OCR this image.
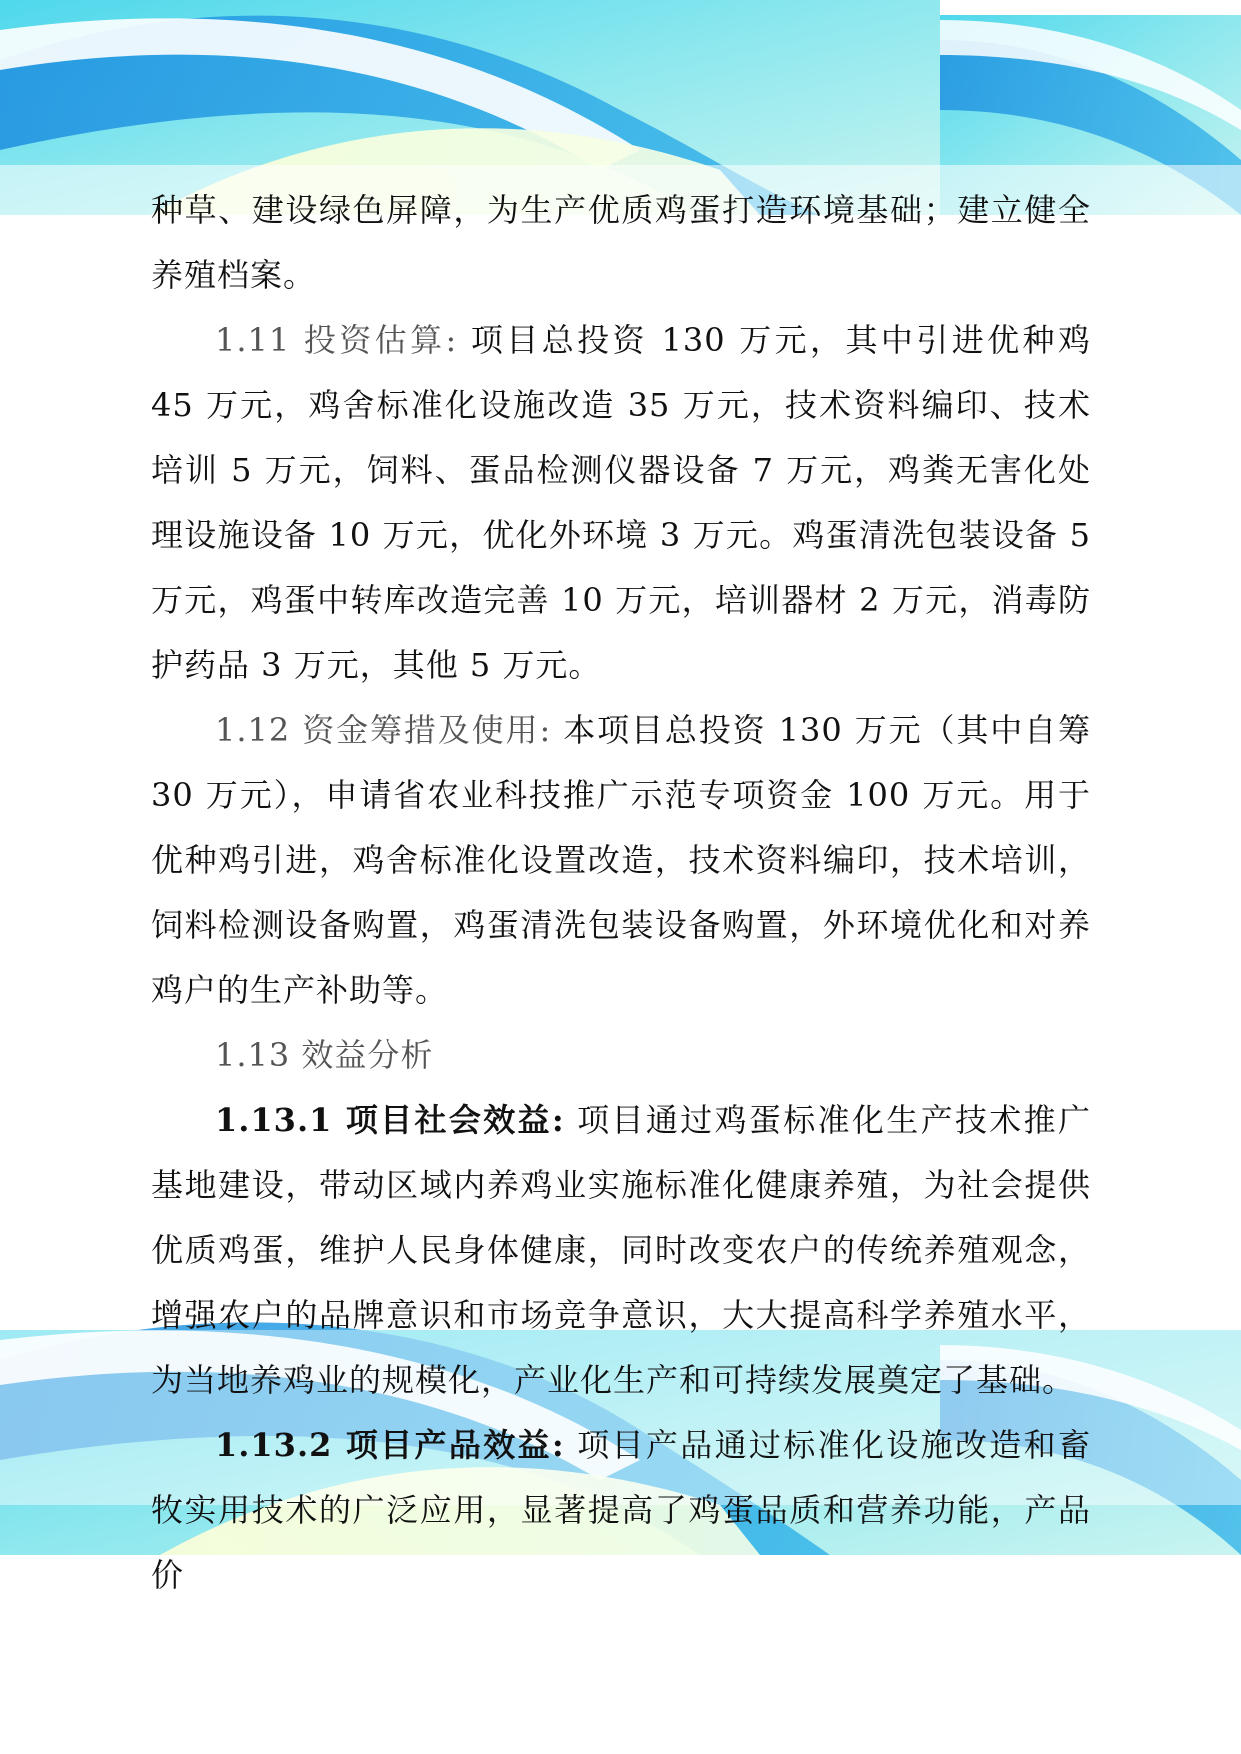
种草、建设绿色屏障，为生产优质鸡蛋打造环境基础；建立健全养殖档案。

1.11 投资估算: 项目总投资 130 万元，其中引进优种鸡 45 万元，鸡舍标准化设施改造 35 万元，技术资料编印、技术培训 5 万元，饲料、蛋品检测仪器设备 7 万元，鸡粪无害化处理设施设备 10 万元，优化外环境 3 万元。鸡蛋清洗包装设备 5 万元，鸡蛋中转库改造完善 10 万元，培训器材 2 万元，消毒防护药品 3 万元，其他 5 万元。

1.12 资金筹措及使用: 本项目总投资 130 万元（其中自筹 30 万元），申请省农业科技推广示范专项资金 100 万元。用于优种鸡引进，鸡舍标准化设置改造，技术资料编印，技术培训，饲料检测设备购置，鸡蛋清洗包装设备购置，外环境优化和对养鸡户的生产补助等。

1.13 效益分析

1.13.1 项目社会效益: 项目通过鸡蛋标准化生产技术推广基地建设，带动区域内养鸡业实施标准化健康养殖，为社会提供优质鸡蛋，维护人民身体健康，同时改变农户的传统养殖观念，增强农户的品牌意识和市场竞争意识，大大提高科学养殖水平，为当地养鸡业的规模化，产业化生产和可持续发展奠定了基础。

1.13.2 项目产品效益: 项目产品通过标准化设施改造和畜牧实用技术的广泛应用，显著提高了鸡蛋品质和营养功能，产品价
